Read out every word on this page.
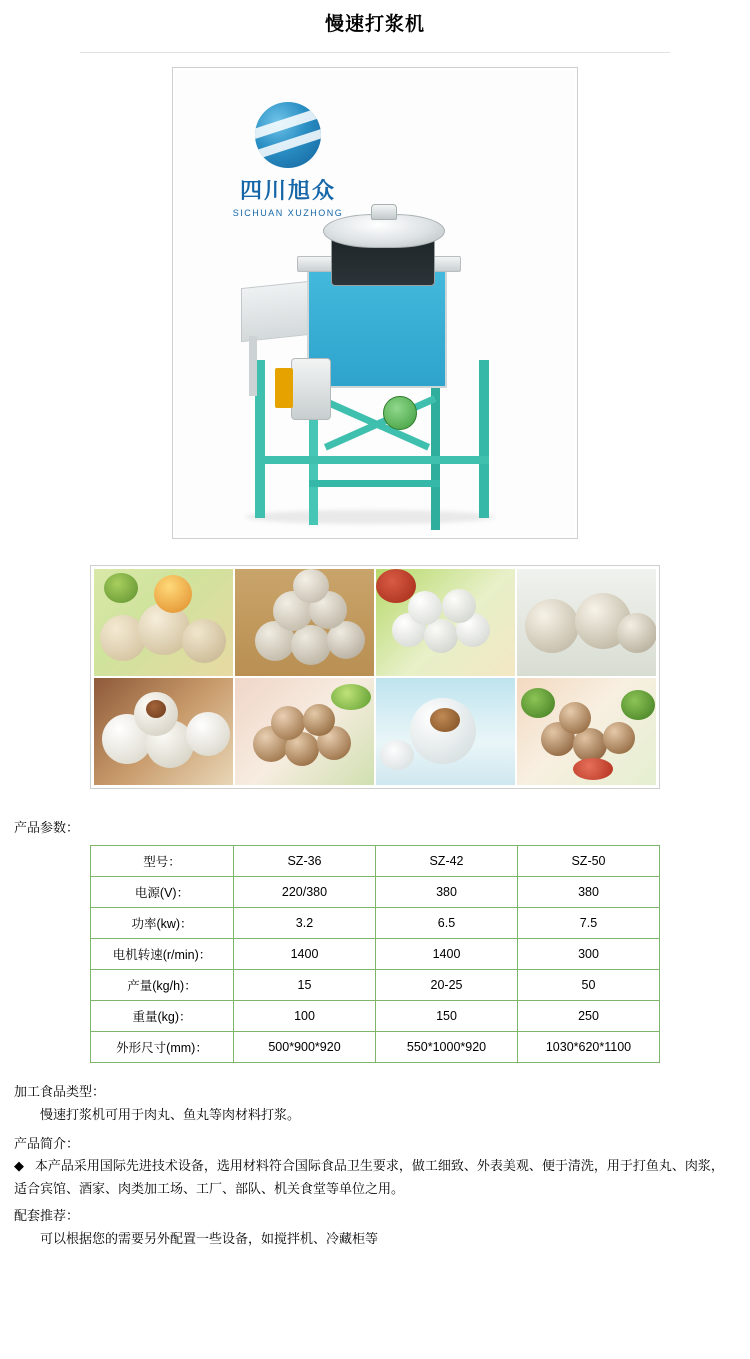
慢速打浆机
四川旭众
SICHUAN XUZHONG
产品参数：
型号：	SZ-36	SZ-42	SZ-50
电源(V)：	220/380	380	380
功率(kw)：	3.2	6.5	7.5
电机转速(r/min)：	1400	1400	300
产量(kg/h)：	15	20-25	50
重量(kg)：	100	150	250
外形尺寸(mm)：	500*900*920	550*1000*920	1030*620*1100
加工食品类型：
慢速打浆机可用于肉丸、鱼丸等肉材料打浆。
产品简介：
◆ 本产品采用国际先进技术设备，选用材料符合国际食品卫生要求，做工细致、外表美观、便于清洗，用于打鱼丸、肉浆，适合宾馆、酒家、肉类加工场、工厂、部队、机关食堂等单位之用。
配套推荐：
可以根据您的需要另外配置一些设备，如搅拌机、冷藏柜等
